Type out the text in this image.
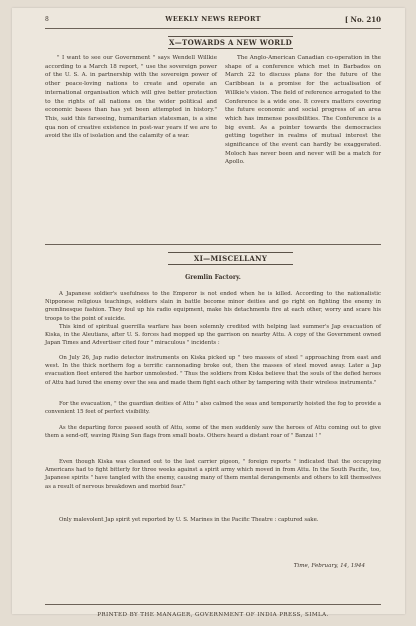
8	WEEKLY NEWS REPORT	[ No. 210
X—TOWARDS A NEW WORLD

" I want to see our Government " says Wendell Willkie according to a March 18 report, " use the sovereign power of the U. S. A. in partnership with the sovereign power of other peace-loving nations to create and operate an international organisation which will give better protection to the rights of all nations on the wider political and economic bases than has yet been attempted in history." This, said this farseeing, humanitarian statesman, is a sine qua non of creative existence in post-war years if we are to avoid the ills of isolation and the calamity of a war.

The Anglo-American Canadian co-operation in the shape of a conference which met in Barbados on March 22 to discuss plans for the future of the Caribbean is a promise for the actualisation of Willkie's vision. The field of reference arrogated to the Conference is a wide one. It covers matters covering the future economic and social progress of an area which has immense possibilities. The Conference is a big event. As a pointer towards the democracies getting together in realms of mutual interest the significance of the event can hardly be exaggerated. Moloch has never been and never will be a match for Apollo.

XI—MISCELLANY
Gremlin Factory.

A Japanese soldier's usefulness to the Emperor is not ended when he is killed. According to the nationalistic Nipponese religious teachings, soldiers slain in battle become minor deities and go right on fighting the enemy in gremlinesque fashion. They foul up his radio equipment, make his detachments fire at each other, worry and scare his troops to the point of suicide.

This kind of spiritual guerrilla warfare has been solemnly credited with helping last summer's Jap evacuation of Kiska, in the Aleutians, after U. S. forces had mopped up the garrison on nearby Attu. A copy of the Government owned Japan Times and Advertiser cited four " miraculous " incidents :

On July 26, Jap radio detector instruments on Kiska picked up " two masses of steel " approaching from east and west. In the thick northern fog a terrific cannonading broke out, then the masses of steel moved away. Later a Jap evacuation fleet entered the harbor unmolested. " Thus the soldiers from Kiska believe that the souls of the defied heroes of Attu had lured the enemy over the sea and made them fight each other by tampering with their wireless instruments."

For the evacuation, " the guardian deities of Attu " also calmed the seas and temporarily hoisted the fog to provide a convenient 15 feet of perfect visibility.

As the departing force passed south of Attu, some of the men suddenly saw the heroes of Attu coming out to give them a send-off, waving Rising Sun flags from small boats. Others heard a distant roar of " Banzai ! "

Even though Kiska was cleaned out to the last carrier pigeon, " foreign reports " indicated that the occupying Americans had to fight bitterly for three weeks against a spirit army which moved in from Attu. In the South Pacific, too, Japanese spirits " have tangled with the enemy, causing many of them mental derangements and others to kill themselves as a result of nervous breakdown and morbid fear."

Only malevolent Jap spirit yet reported by U. S. Marines in the Pacific Theatre : captured sake.

Time, February, 14, 1944
PRINTED BY THE MANAGER, GOVERNMENT OF INDIA PRESS, SIMLA.
